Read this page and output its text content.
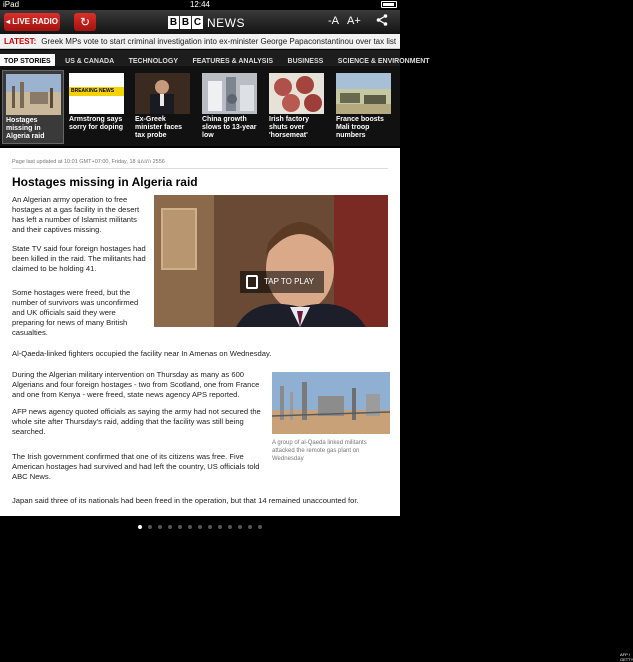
iPad	12:44
◂ LIVE RADIO	↻	B B C NEWS	-A A+
LATEST: Greek MPs vote to start criminal investigation into ex-minister George Papaconstantinou over tax list
TOP STORIES US & CANADA TECHNOLOGY FEATURES & ANALYSIS BUSINESS SCIENCE & ENVIRONMENT
Hostages missing in Algeria raid
BREAKING NEWS
Armstrong says sorry for doping
Ex-Greek minister faces tax probe
China growth slows to 13-year low
Irish factory shuts over 'horsemeat'
France boosts Mali troop numbers
Page last updated at 10:01 GMT+07:00, Friday, 18 ឧសភា 2556
Hostages missing in Algeria raid
An Algerian army operation to free
hostages at a gas facility in the desert
has left a number of Islamist militants
and their captives missing.
State TV said four foreign hostages had
been killed in the raid. The militants had
claimed to be holding 41.
Some hostages were freed, but the
number of survivors was unconfirmed
and UK officials said they were
preparing for news of many British
casualties.
Al-Qaeda-linked fighters occupied the facility near In Amenas on Wednesday.
During the Algerian military intervention on Thursday as many as 600
Algerians and four foreign hostages - two from Scotland, one from France
and one from Kenya - were freed, state news agency APS reported.
AFP news agency quoted officials as saying the army had not secured the
whole site after Thursday's raid, adding that the facility was still being
searched.
The Irish government confirmed that one of its citizens was free. Five
American hostages had survived and had left the country, US officials told
ABC News.
Japan said three of its nationals had been freed in the operation, but that 14 remained unaccounted for.
TAP TO PLAY
AFP / GETTY
A group of al-Qaeda linked militants attacked the remote gas plant on Wednesday
